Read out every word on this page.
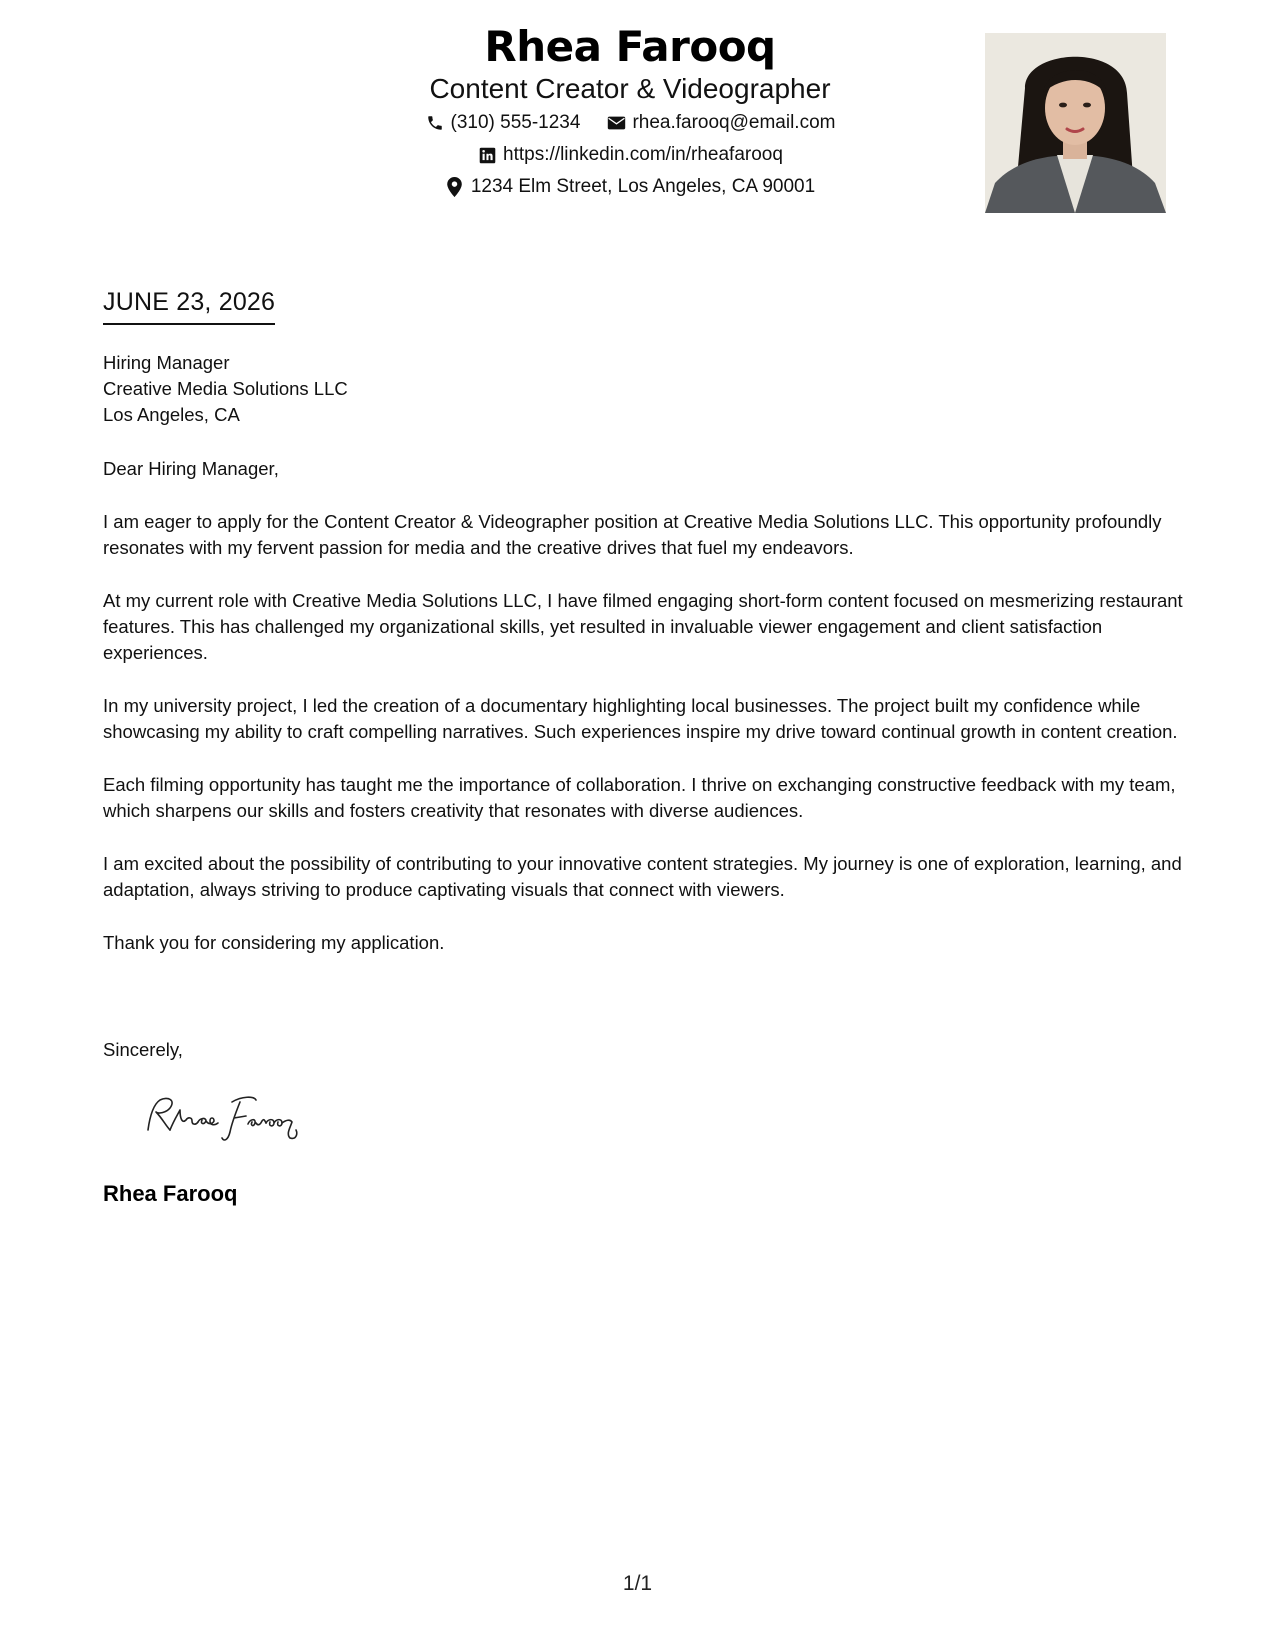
Rhea Farooq
Content Creator & Videographer
(310) 555-1234	rhea.farooq@email.com
https://linkedin.com/in/rheafarooq
1234 Elm Street, Los Angeles, CA 90001
JUNE 23, 2026
Hiring Manager
Creative Media Solutions LLC
Los Angeles, CA

Dear Hiring Manager,

I am eager to apply for the Content Creator & Videographer position at Creative Media Solutions LLC. This opportunity profoundly resonates with my fervent passion for media and the creative drives that fuel my endeavors.

At my current role with Creative Media Solutions LLC, I have filmed engaging short-form content focused on mesmerizing restaurant features. This has challenged my organizational skills, yet resulted in invaluable viewer engagement and client satisfaction experiences.

In my university project, I led the creation of a documentary highlighting local businesses. The project built my confidence while showcasing my ability to craft compelling narratives. Such experiences inspire my drive toward continual growth in content creation.

Each filming opportunity has taught me the importance of collaboration. I thrive on exchanging constructive feedback with my team, which sharpens our skills and fosters creativity that resonates with diverse audiences.

I am excited about the possibility of contributing to your innovative content strategies. My journey is one of exploration, learning, and adaptation, always striving to produce captivating visuals that connect with viewers.

Thank you for considering my application.

Sincerely,
Rhea Farooq
1/1
